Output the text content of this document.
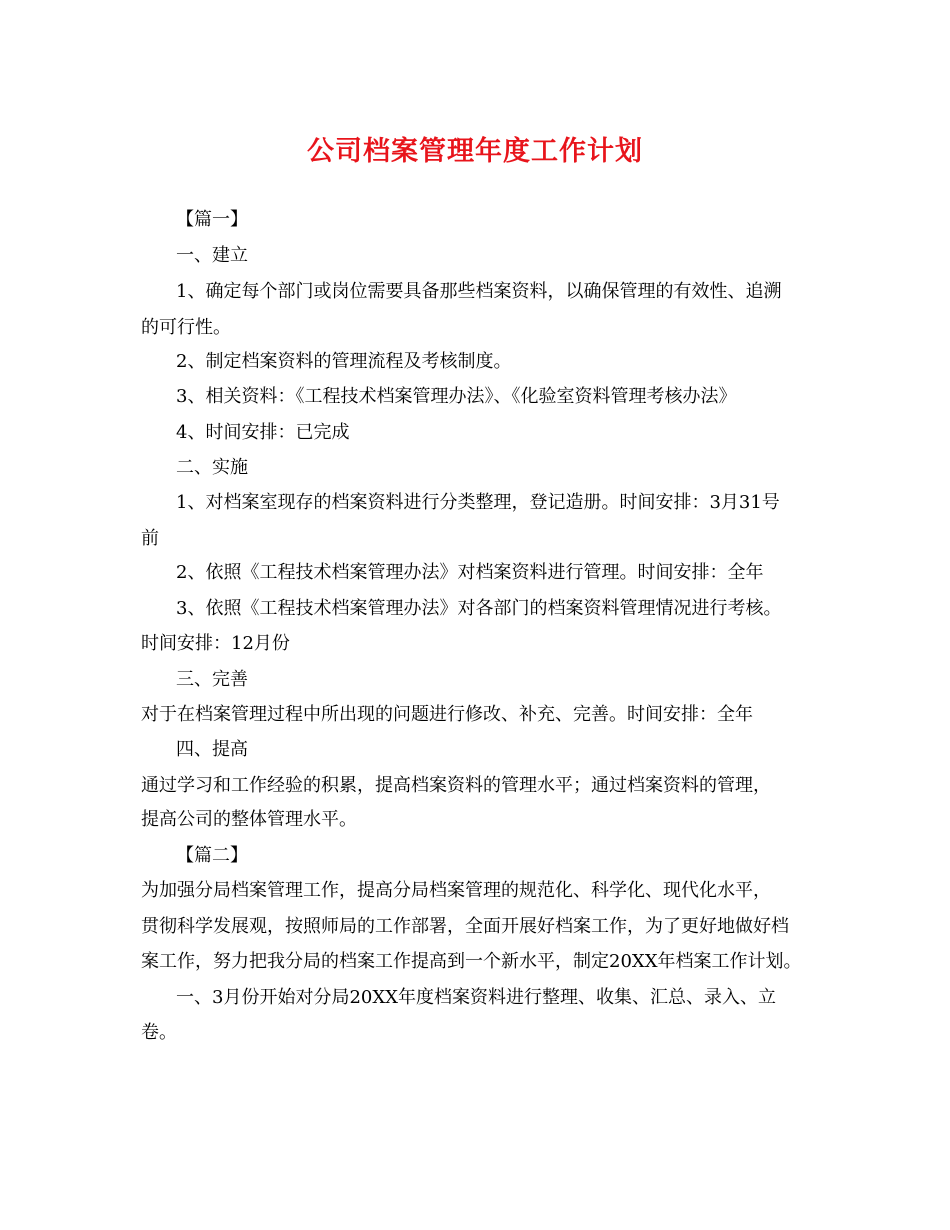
公司档案管理年度工作计划
【篇一】
一、建立
1、确定每个部门或岗位需要具备那些档案资料，以确保管理的有效性、追溯
的可行性。
2、制定档案资料的管理流程及考核制度。
3、相关资料：《工程技术档案管理办法》、《化验室资料管理考核办法》
4、时间安排：已完成
二、实施
1、对档案室现存的档案资料进行分类整理，登记造册。时间安排：3月31号
前
2、依照《工程技术档案管理办法》对档案资料进行管理。时间安排：全年
3、依照《工程技术档案管理办法》对各部门的档案资料管理情况进行考核。
时间安排：12月份
三、完善
对于在档案管理过程中所出现的问题进行修改、补充、完善。时间安排：全年
四、提高
通过学习和工作经验的积累，提高档案资料的管理水平；通过档案资料的管理，
提高公司的整体管理水平。
【篇二】
为加强分局档案管理工作，提高分局档案管理的规范化、科学化、现代化水平，
贯彻科学发展观，按照师局的工作部署，全面开展好档案工作，为了更好地做好档
案工作，努力把我分局的档案工作提高到一个新水平，制定20XX年档案工作计划。
一、3月份开始对分局20XX年度档案资料进行整理、收集、汇总、录入、立
卷。
